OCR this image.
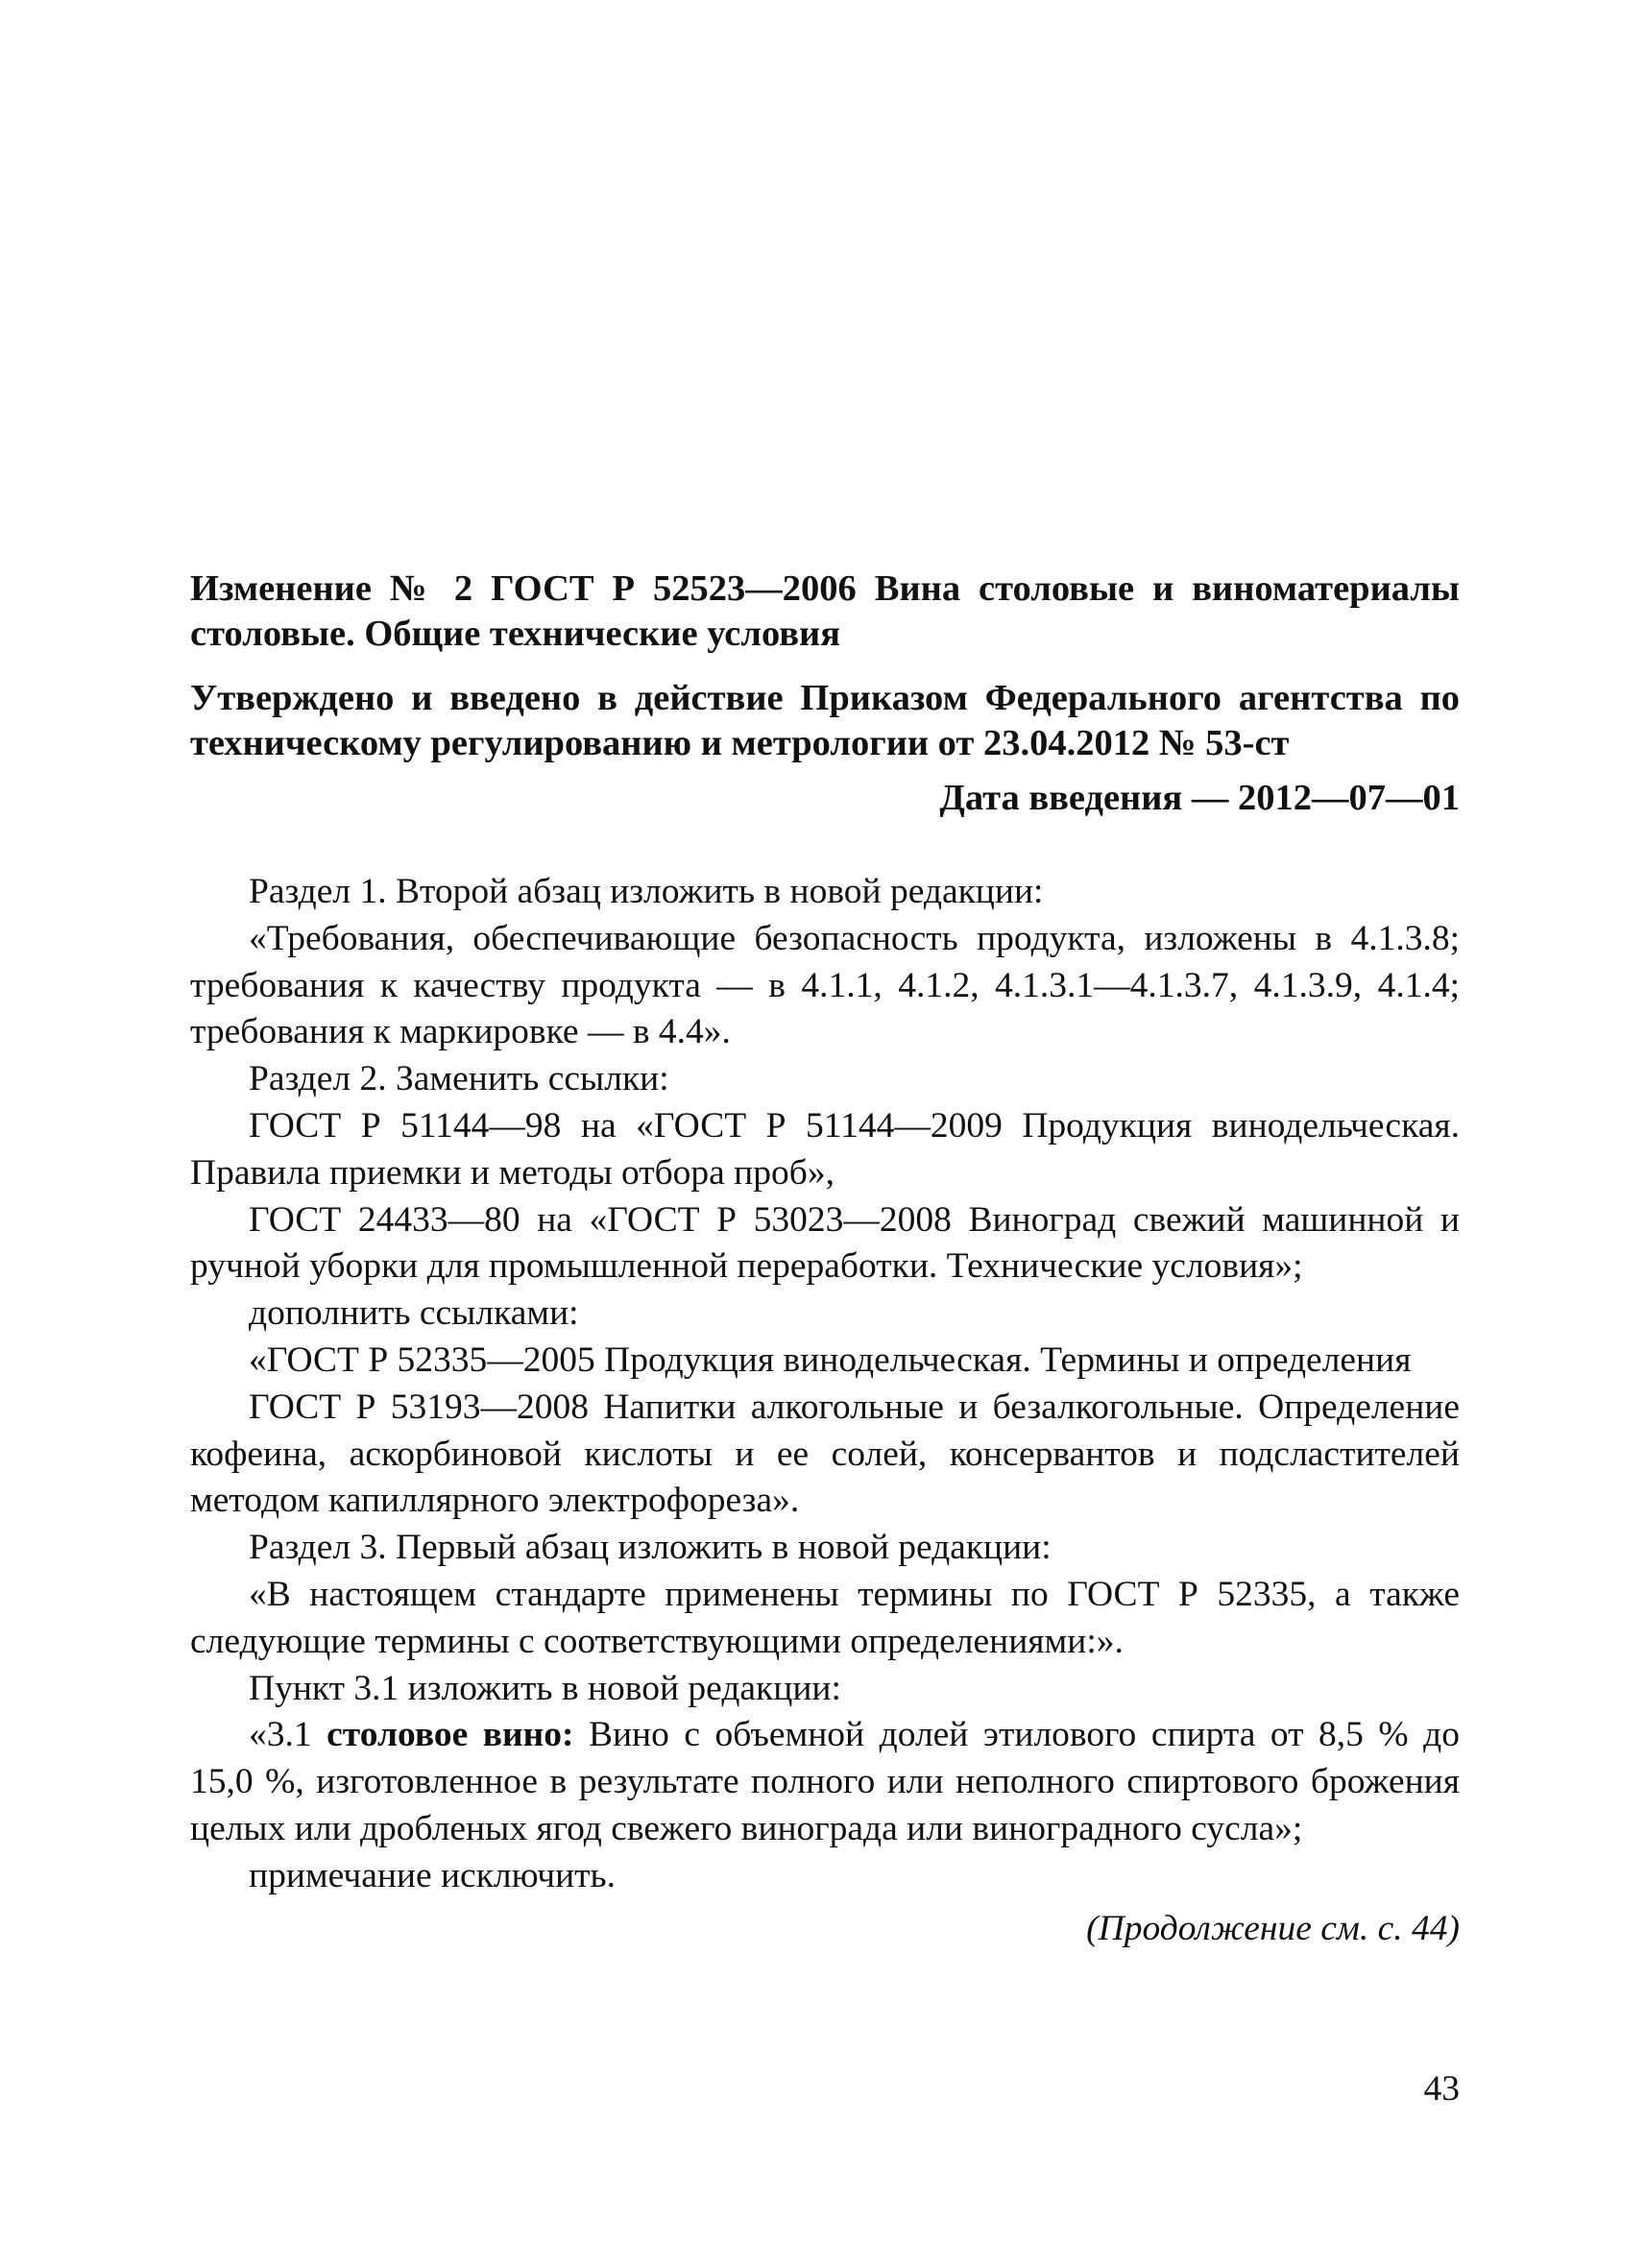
Изменение № 2 ГОСТ Р 52523—2006 Вина столовые и виноматериалы столовые. Общие технические условия

Утверждено и введено в действие Приказом Федерального агентства по техническому регулированию и метрологии от 23.04.2012 № 53-ст

Дата введения — 2012—07—01

Раздел 1. Второй абзац изложить в новой редакции:

«Требования, обеспечивающие безопасность продукта, изложены в 4.1.3.8; требования к качеству продукта — в 4.1.1, 4.1.2, 4.1.3.1—4.1.3.7, 4.1.3.9, 4.1.4; требования к маркировке — в 4.4».

Раздел 2. Заменить ссылки:

ГОСТ Р 51144—98 на «ГОСТ Р 51144—2009 Продукция винодельческая. Правила приемки и методы отбора проб»,

ГОСТ 24433—80 на «ГОСТ Р 53023—2008 Виноград свежий машинной и ручной уборки для промышленной переработки. Технические условия»;

дополнить ссылками:

«ГОСТ Р 52335—2005 Продукция винодельческая. Термины и определения

ГОСТ Р 53193—2008 Напитки алкогольные и безалкогольные. Определение кофеина, аскорбиновой кислоты и ее солей, консервантов и подсластителей методом капиллярного электрофореза».

Раздел 3. Первый абзац изложить в новой редакции:

«В настоящем стандарте применены термины по ГОСТ Р 52335, а также следующие термины с соответствующими определениями:».

Пункт 3.1 изложить в новой редакции:

«3.1 столовое вино: Вино с объемной долей этилового спирта от 8,5 % до 15,0 %, изготовленное в результате полного или неполного спиртового брожения целых или дробленых ягод свежего винограда или виноградного сусла»;

примечание исключить.

(Продолжение см. с. 44)
43
